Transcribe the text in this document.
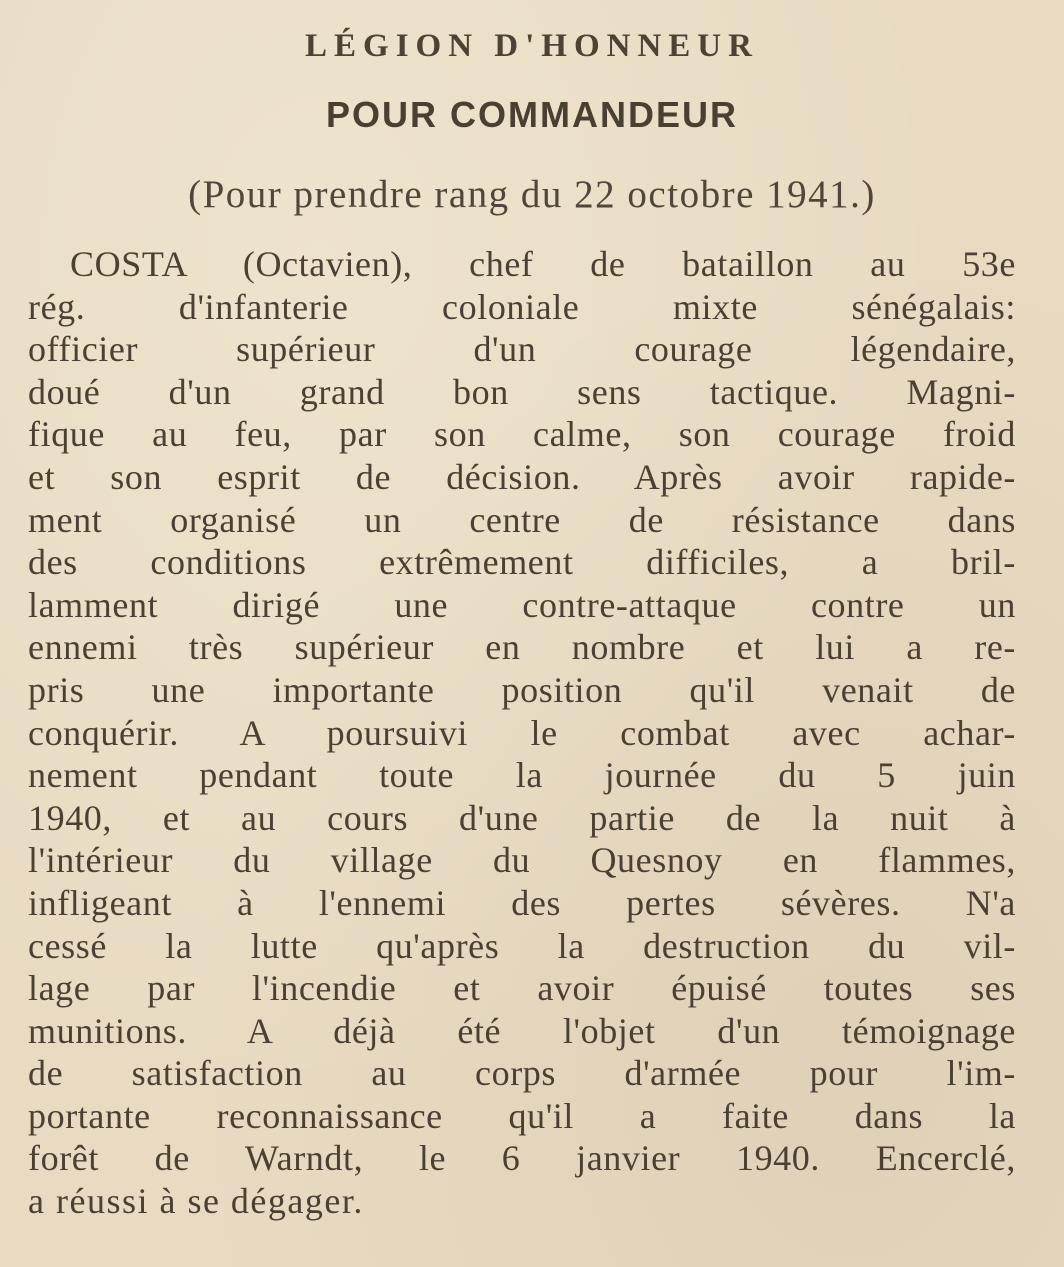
LÉGION D'HONNEUR
POUR COMMANDEUR

(Pour prendre rang du 22 octobre 1941.)

COSTA (Octavien), chef de bataillon au 53e
rég. d'infanterie coloniale mixte sénégalais:
officier supérieur d'un courage légendaire,
doué d'un grand bon sens tactique. Magni-
fique au feu, par son calme, son courage froid
et son esprit de décision. Après avoir rapide-
ment organisé un centre de résistance dans
des conditions extrêmement difficiles, a bril-
lamment dirigé une contre-attaque contre un
ennemi très supérieur en nombre et lui a re-
pris une importante position qu'il venait de
conquérir. A poursuivi le combat avec achar-
nement pendant toute la journée du 5 juin
1940, et au cours d'une partie de la nuit à
l'intérieur du village du Quesnoy en flammes,
infligeant à l'ennemi des pertes sévères. N'a
cessé la lutte qu'après la destruction du vil-
lage par l'incendie et avoir épuisé toutes ses
munitions. A déjà été l'objet d'un témoignage
de satisfaction au corps d'armée pour l'im-
portante reconnaissance qu'il a faite dans la
forêt de Warndt, le 6 janvier 1940. Encerclé,
a réussi à se dégager.
